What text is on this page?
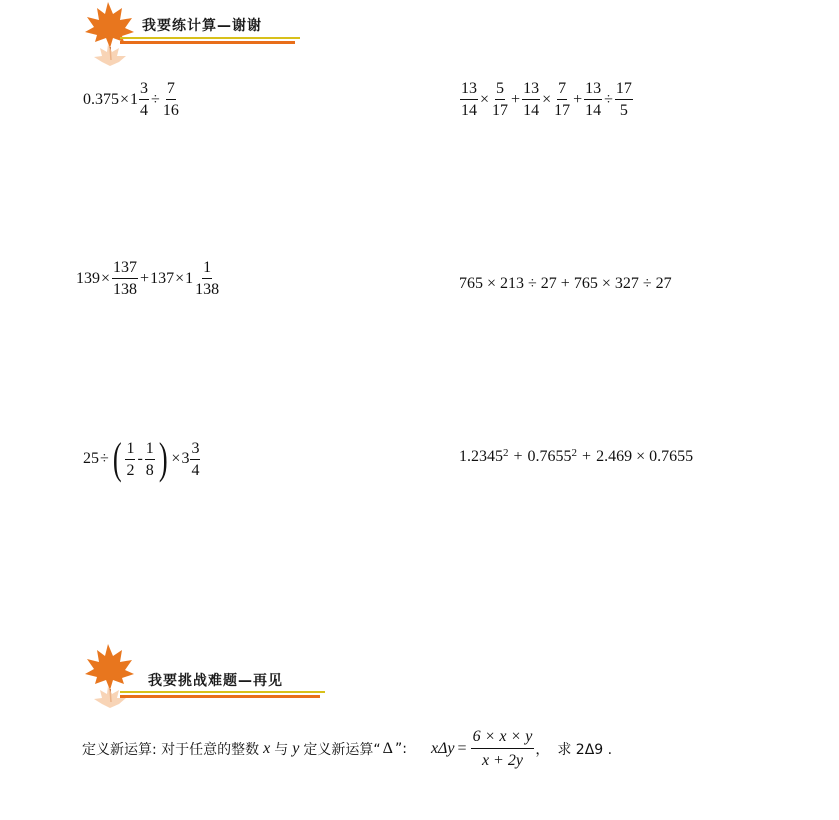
我要练计算—谢谢
$0.375 \times 1 \frac{3}{4} \div \frac{7}{16}$	$\frac{13}{14} \times \frac{5}{17} + \frac{13}{14} \times \frac{7}{17} + \frac{13}{14} \div \frac{17}{5}$
$139 \times \frac{137}{138} + 137 \times 1 \frac{1}{138}$	765 × 213 ÷ 27 + 765 × 327 ÷ 27
25 ÷ ( $\frac{1}{2} - \frac{1}{8}$ ) × $3 \frac{3}{4}$	$1.2345^2 + 0.7655^2 + 2.469 \times 0.7655$
我要挑战难题—再见
定义新运算: 对于任意的整数 x 与 y 定义新运算“ Δ ”: $x\Delta y = \frac{6 \times x \times y}{x + 2y}$ ， 求 2Δ9 .
